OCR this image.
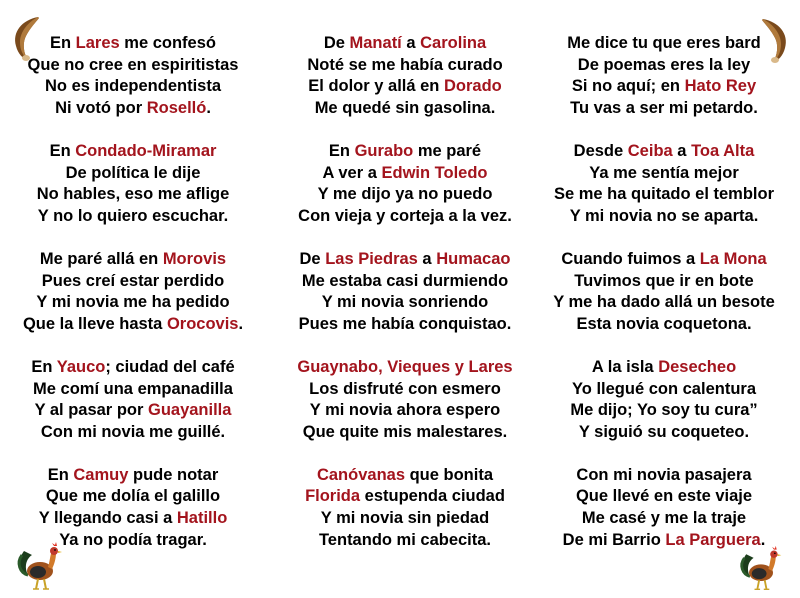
En Lares me confesó
Que no cree en espiritistas
No es independentista
Ni votó por Roselló.
En Condado-Miramar
De política le dije
No hables, eso me aflige
Y no lo quiero escuchar.
Me paré allá en Morovis
Pues creí estar perdido
Y mi novia me ha pedido
Que la lleve hasta Orocovis.
En Yauco; ciudad del café
Me comí una empanadilla
Y al pasar por Guayanilla
Con mi novia me guillé.
En Camuy pude notar
Que me dolía el galillo
Y llegando casi a Hatillo
Ya no podía tragar.
De Manatí a Carolina
Noté se me había curado
El dolor y allá en Dorado
Me quedé sin gasolina.
En Gurabo me paré
A ver a Edwin Toledo
Y me dijo ya no puedo
Con vieja y corteja a la vez.
De Las Piedras a Humacao
Me estaba casi durmiendo
Y mi novia sonriendo
Pues me había conquistao.
Guaynabo, Vieques y Lares
Los disfruté con esmero
Y mi novia ahora espero
Que quite mis malestares.
Canóvanas que bonita
Florida estupenda ciudad
Y mi novia sin piedad
Tentando mi cabecita.
Me dice tu que eres bard
De poemas eres la ley
Si no aquí; en Hato Rey
Tu vas a ser mi petardo.
Desde Ceiba a Toa Alta
Ya me sentía mejor
Se me ha quitado el temblor
Y mi novia no se aparta.
Cuando fuimos a La Mona
Tuvimos que ir en bote
Y me ha dado allá un besote
Esta novia coquetona.
A la isla Desecheo
Yo llegué con calentura
Me dijo; Yo soy tu cura”
Y siguió su coqueteo.
Con mi novia pasajera
Que llevé en este viaje
Me casé y me la traje
De mi Barrio La Parguera.
